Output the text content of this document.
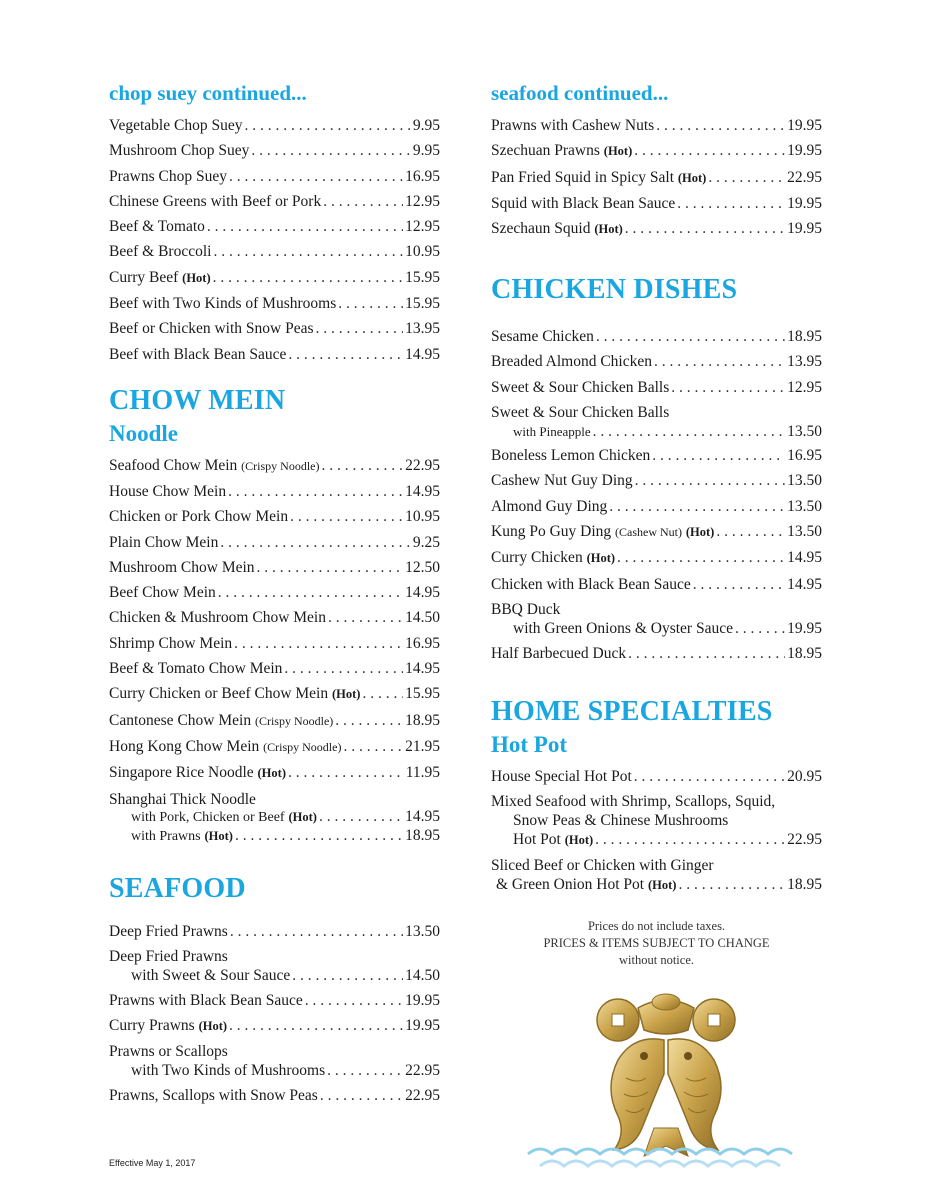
chop suey continued...
Vegetable Chop Suey . . .	9.95
Mushroom Chop Suey . . .	9.95
Prawns Chop Suey . . .	16.95
Chinese Greens with Beef or Pork . . .	12.95
Beef & Tomato . . .	12.95
Beef & Broccoli . . .	10.95
Curry Beef (Hot) . . .	15.95
Beef with Two Kinds of Mushrooms . . .	15.95
Beef or Chicken with Snow Peas . . .	13.95
Beef with Black Bean Sauce . . .	14.95
CHOW MEIN
Noodle
Seafood Chow Mein (Crispy Noodle) . . .	22.95
House Chow Mein . . .	14.95
Chicken or Pork Chow Mein . . .	10.95
Plain Chow Mein . . .	9.25
Mushroom Chow Mein . . .	12.50
Beef Chow Mein . . .	14.95
Chicken & Mushroom Chow Mein . . .	14.50
Shrimp Chow Mein . . .	16.95
Beef & Tomato Chow Mein . . .	14.95
Curry Chicken or Beef Chow Mein (Hot) . . .	15.95
Cantonese Chow Mein (Crispy Noodle) . . .	18.95
Hong Kong Chow Mein (Crispy Noodle) . . .	21.95
Singapore Rice Noodle (Hot) . . .	11.95
Shanghai Thick Noodle
with Pork, Chicken or Beef (Hot) . . .	14.95
with Prawns (Hot) . . .	18.95
SEAFOOD
Deep Fried Prawns . . .	13.50
Deep Fried Prawns
with Sweet & Sour Sauce . . .	14.50
Prawns with Black Bean Sauce . . .	19.95
Curry Prawns (Hot) . . .	19.95
Prawns or Scallops
with Two Kinds of Mushrooms . . .	22.95
Prawns, Scallops with Snow Peas . . .	22.95
seafood continued...
Prawns with Cashew Nuts . . .	19.95
Szechuan Prawns (Hot) . . .	19.95
Pan Fried Squid in Spicy Salt (Hot) . . .	22.95
Squid with Black Bean Sauce . . .	19.95
Szechaun Squid (Hot) . . .	19.95
CHICKEN DISHES
Sesame Chicken . . .	18.95
Breaded Almond Chicken . . .	13.95
Sweet & Sour Chicken Balls . . .	12.95
Sweet & Sour Chicken Balls
with Pineapple . . .	13.50
Boneless Lemon Chicken . . .	16.95
Cashew Nut Guy Ding . . .	13.50
Almond Guy Ding . . .	13.50
Kung Po Guy Ding (Cashew Nut) (Hot) . . .	13.50
Curry Chicken (Hot) . . .	14.95
Chicken with Black Bean Sauce . . .	14.95
BBQ Duck
with Green Onions & Oyster Sauce . . .	19.95
Half Barbecued Duck . . .	18.95
HOME SPECIALTIES
Hot Pot
House Special Hot Pot . . .	20.95
Mixed Seafood with Shrimp, Scallops, Squid,
Snow Peas & Chinese Mushrooms
Hot Pot (Hot) . . .	22.95
Sliced Beef or Chicken with Ginger
& Green Onion Hot Pot (Hot) . . .	18.95
Prices do not include taxes.
PRICES & ITEMS SUBJECT TO CHANGE
without notice.
Effective May 1, 2017
